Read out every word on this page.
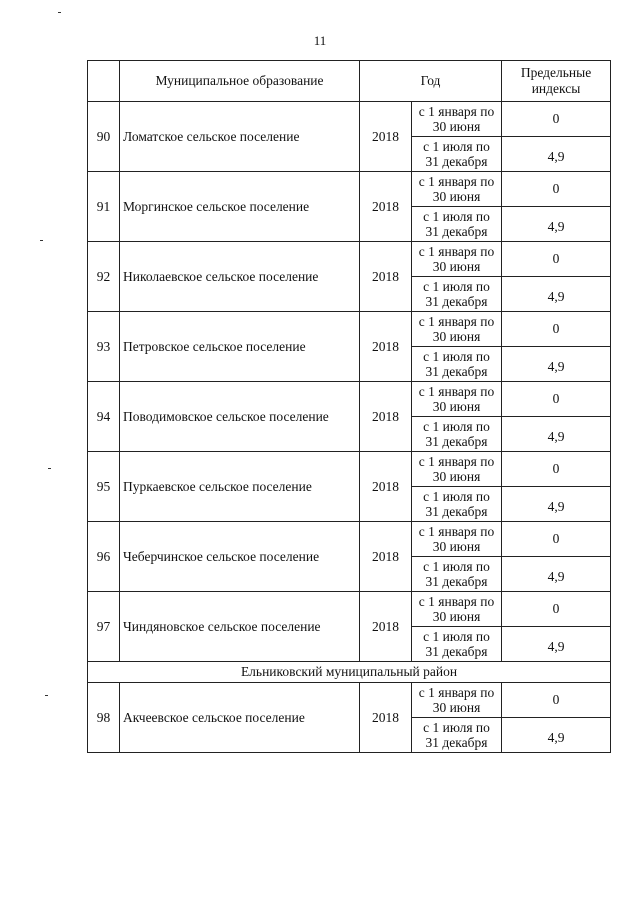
11
	Муниципальное образование	Год		Предельные индексы
90	Ломатское сельское поселение	2018	с 1 января по 30 июня	0
			с 1 июля по 31 декабря	4,9
91	Моргинское сельское поселение	2018	с 1 января по 30 июня	0
			с 1 июля по 31 декабря	4,9
92	Николаевское сельское поселение	2018	с 1 января по 30 июня	0
			с 1 июля по 31 декабря	4,9
93	Петровское сельское поселение	2018	с 1 января по 30 июня	0
			с 1 июля по 31 декабря	4,9
94	Поводимовское сельское поселение	2018	с 1 января по 30 июня	0
			с 1 июля по 31 декабря	4,9
95	Пуркаевское сельское поселение	2018	с 1 января по 30 июня	0
			с 1 июля по 31 декабря	4,9
96	Чеберчинское сельское поселение	2018	с 1 января по 30 июня	0
			с 1 июля по 31 декабря	4,9
97	Чиндяновское сельское поселение	2018	с 1 января по 30 июня	0
			с 1 июля по 31 декабря	4,9
Ельниковский муниципальный район				
98	Акчеевское сельское поселение	2018	с 1 января по 30 июня	0
			с 1 июля по 31 декабря	4,9
